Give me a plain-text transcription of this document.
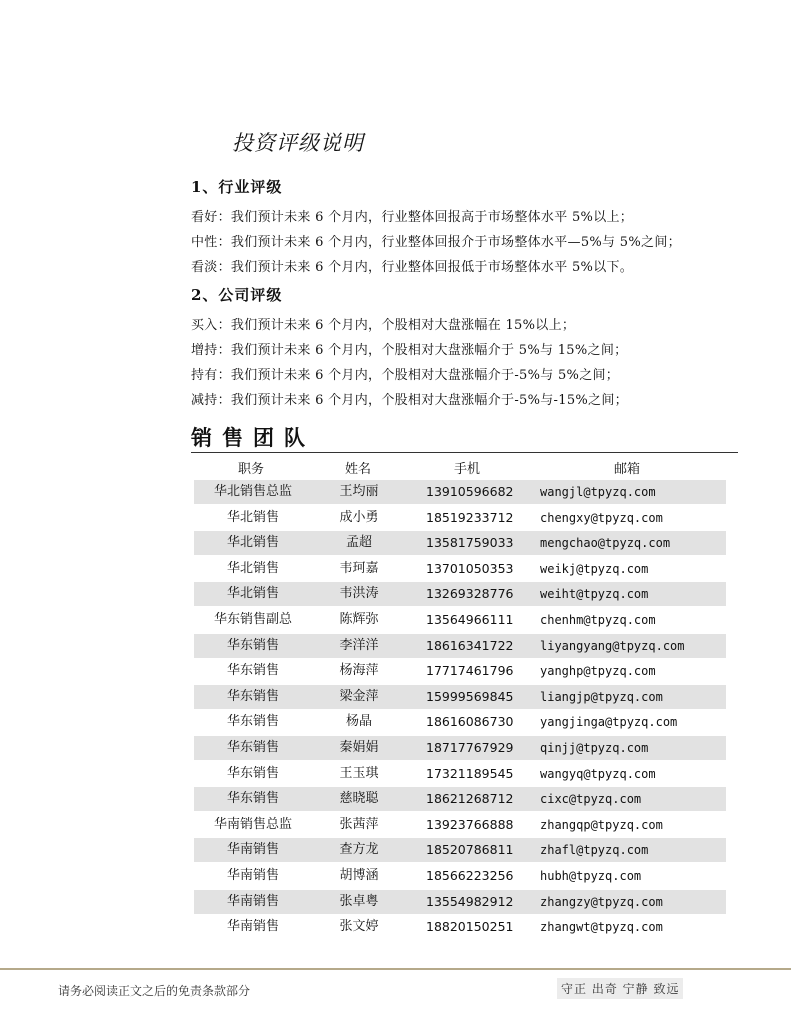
投资评级说明
1、行业评级
看好：我们预计未来 6 个月内，行业整体回报高于市场整体水平 5%以上；
中性：我们预计未来 6 个月内，行业整体回报介于市场整体水平—5%与 5%之间；
看淡：我们预计未来 6 个月内，行业整体回报低于市场整体水平 5%以下。
2、公司评级
买入：我们预计未来 6 个月内，个股相对大盘涨幅在 15%以上；
增持：我们预计未来 6 个月内，个股相对大盘涨幅介于 5%与 15%之间；
持有：我们预计未来 6 个月内，个股相对大盘涨幅介于-5%与 5%之间；
减持：我们预计未来 6 个月内，个股相对大盘涨幅介于-5%与-15%之间；
销售团队
职务	姓名	手机	邮箱
华北销售总监	王均丽	13910596682 wangjl@tpyzq.com
华北销售	成小勇	18519233712 chengxy@tpyzq.com
华北销售	孟超	13581759033 mengchao@tpyzq.com
华北销售	韦珂嘉	13701050353 weikj@tpyzq.com
华北销售	韦洪涛	13269328776 weiht@tpyzq.com
华东销售副总	陈辉弥	13564966111 chenhm@tpyzq.com
华东销售	李洋洋	18616341722 liyangyang@tpyzq.com
华东销售	杨海萍	17717461796 yanghp@tpyzq.com
华东销售	梁金萍	15999569845 liangjp@tpyzq.com
华东销售	杨晶	18616086730 yangjinga@tpyzq.com
华东销售	秦娟娟	18717767929 qinjj@tpyzq.com
华东销售	王玉琪	17321189545 wangyq@tpyzq.com
华东销售	慈晓聪	18621268712 cixc@tpyzq.com
华南销售总监	张茜萍	13923766888 zhangqp@tpyzq.com
华南销售	查方龙	18520786811 zhafl@tpyzq.com
华南销售	胡博涵	18566223256 hubh@tpyzq.com
华南销售	张卓粤	13554982912 zhangzy@tpyzq.com
华南销售	张文婷	18820150251 zhangwt@tpyzq.com
请务必阅读正文之后的免责条款部分	守正 出奇 宁静 致远
